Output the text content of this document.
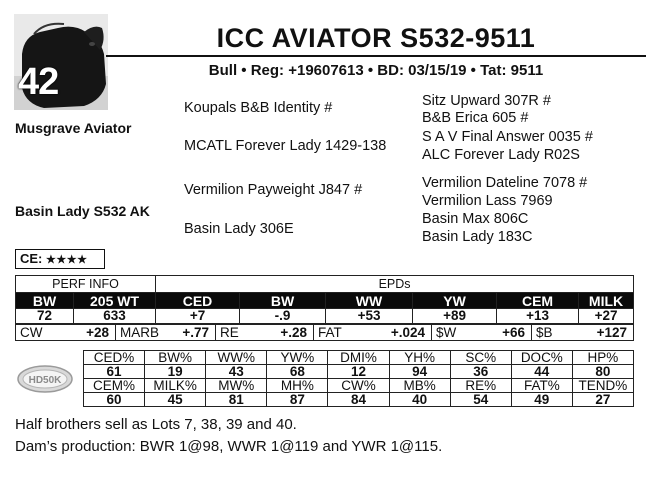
42
ICC AVIATOR S532-9511
Bull • Reg: +19607613 • BD: 03/15/19 • Tat: 9511
Musgrave Aviator
Basin Lady S532 AK
Koupals B&B Identity #
MCATL Forever Lady 1429-138
Vermilion Payweight J847 #
Basin Lady 306E
Sitz Upward 307R #
B&B Erica 605 #
S A V Final Answer 0035 #
ALC Forever Lady R02S
Vermilion Dateline 7078 #
Vermilion Lass 7969
Basin Max 806C
Basin Lady 183C
CE: ★★★★
PERF INFO		EPDs					
BW	205 WT	CED	BW	WW	YW	CEM	MILK
72	633	+7	-.9	+53	+89	+13	+27
CW	+28	MARB +.77	RE	+.28	FAT	+.024	$W	+66	$B	+127
HD50K
CED%	BW%	WW%	YW%	DMI%	YH%	SC%	DOC%	HP%
61	19	43	68	12	94	36	44	80
CEM%	MILK%	MW%	MH%	CW%	MB%	RE%	FAT%	TEND%
60	45	81	87	84	40	54	49	27
Half brothers sell as Lots 7, 38, 39 and 40.
Dam’s production: BWR 1@98, WWR 1@119 and YWR 1@115.
